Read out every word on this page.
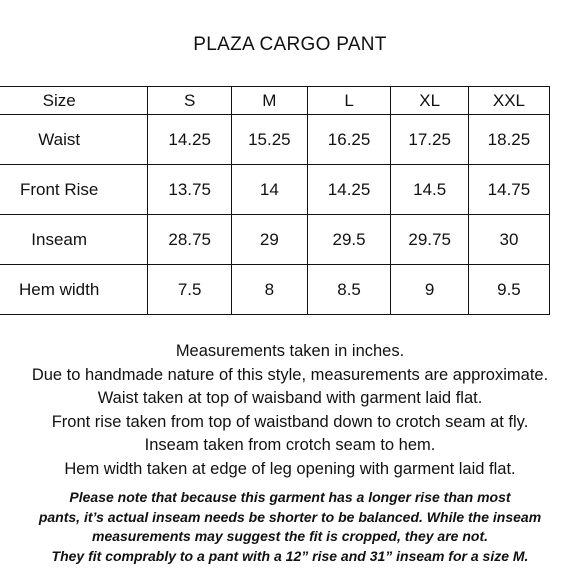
PLAZA CARGO PANT
Size	S	M	L	XL	XXL
Waist	14.25	15.25	16.25	17.25	18.25
Front Rise	13.75	14	14.25	14.5	14.75
Inseam	28.75	29	29.5	29.75	30
Hem width	7.5	8	8.5	9	9.5
Measurements taken in inches.
Due to handmade nature of this style, measurements are approximate.
Waist taken at top of waisband with garment laid flat.
Front rise taken from top of waistband down to crotch seam at fly.
Inseam taken from crotch seam to hem.
Hem width taken at edge of leg opening with garment laid flat.
Please note that because this garment has a longer rise than most
pants, it’s actual inseam needs be shorter to be balanced. While the inseam
measurements may suggest the fit is cropped, they are not.
They fit comprably to a pant with a 12” rise and 31” inseam for a size M.
